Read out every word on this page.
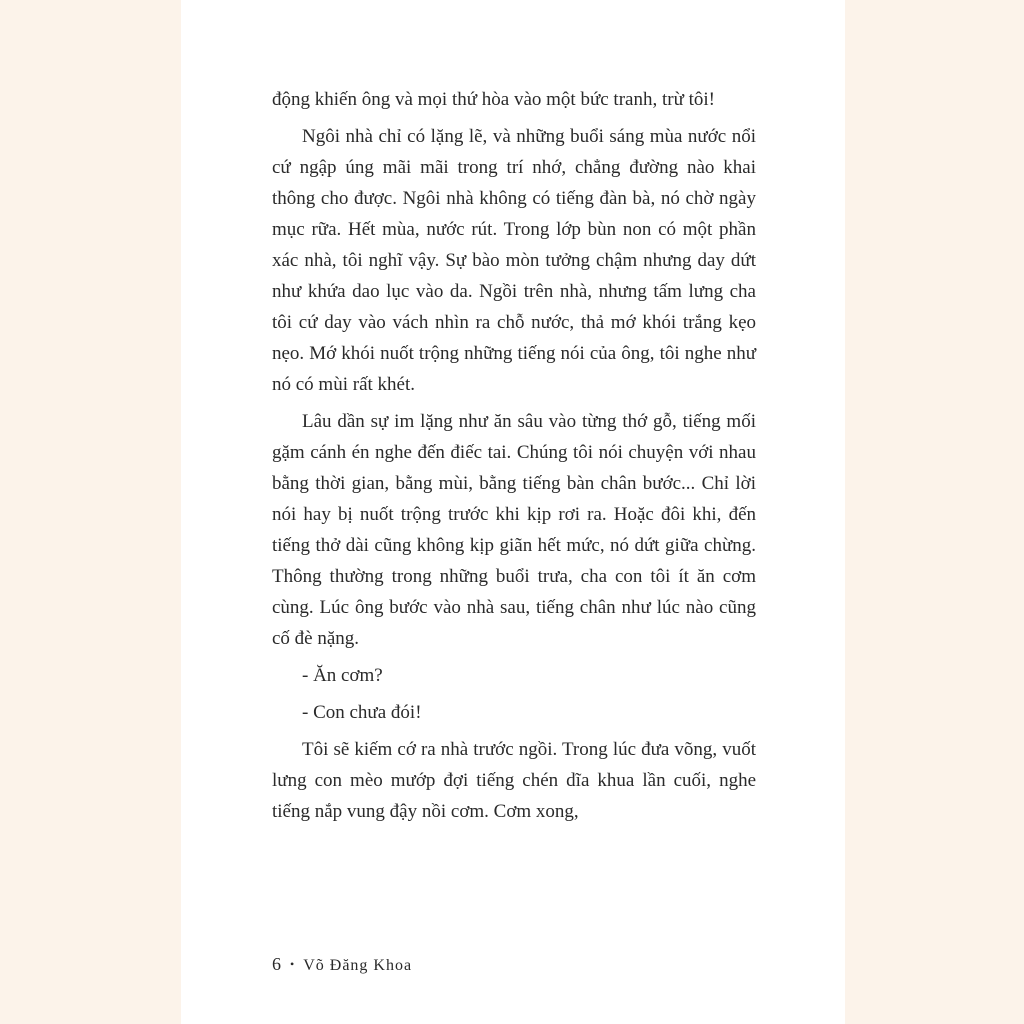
động khiến ông và mọi thứ hòa vào một bức tranh, trừ tôi!

Ngôi nhà chỉ có lặng lẽ, và những buổi sáng mùa nước nổi cứ ngập úng mãi mãi trong trí nhớ, chẳng đường nào khai thông cho được. Ngôi nhà không có tiếng đàn bà, nó chờ ngày mục rữa. Hết mùa, nước rút. Trong lớp bùn non có một phần xác nhà, tôi nghĩ vậy. Sự bào mòn tưởng chậm nhưng day dứt như khứa dao lục vào da. Ngồi trên nhà, nhưng tấm lưng cha tôi cứ day vào vách nhìn ra chỗ nước, thả mớ khói trắng kẹo nẹo. Mớ khói nuốt trộng những tiếng nói của ông, tôi nghe như nó có mùi rất khét.

Lâu dần sự im lặng như ăn sâu vào từng thớ gỗ, tiếng mối gặm cánh én nghe đến điếc tai. Chúng tôi nói chuyện với nhau bằng thời gian, bằng mùi, bằng tiếng bàn chân bước... Chỉ lời nói hay bị nuốt trộng trước khi kịp rơi ra. Hoặc đôi khi, đến tiếng thở dài cũng không kịp giãn hết mức, nó dứt giữa chừng. Thông thường trong những buổi trưa, cha con tôi ít ăn cơm cùng. Lúc ông bước vào nhà sau, tiếng chân như lúc nào cũng cố đè nặng.

- Ăn cơm?

- Con chưa đói!

Tôi sẽ kiếm cớ ra nhà trước ngồi. Trong lúc đưa võng, vuốt lưng con mèo mướp đợi tiếng chén dĩa khua lần cuối, nghe tiếng nắp vung đậy nồi cơm. Cơm xong,

6 • Võ Đăng Khoa
